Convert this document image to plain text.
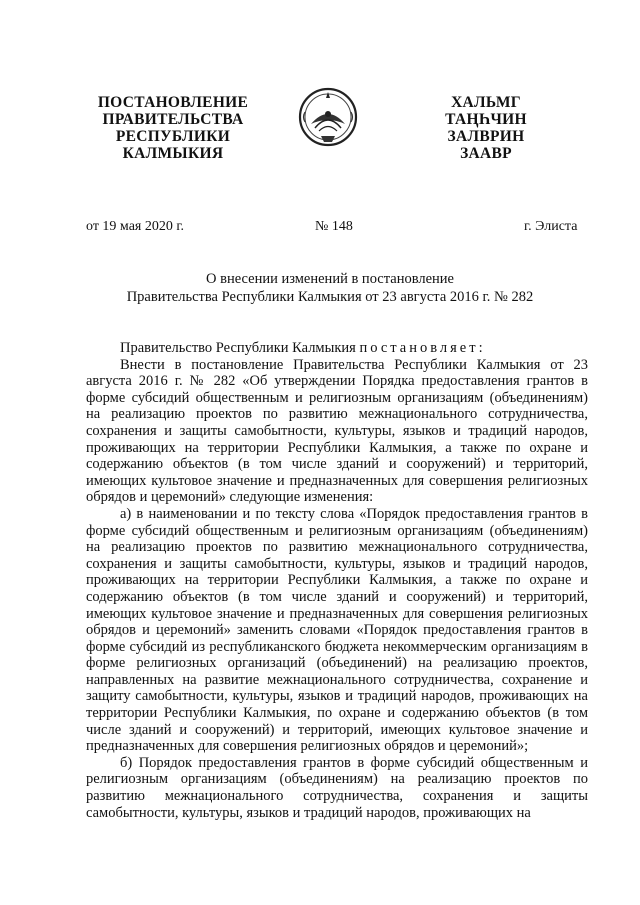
ПОСТАНОВЛЕНИЕ
ПРАВИТЕЛЬСТВА
РЕСПУБЛИКИ
КАЛМЫКИЯ
ХАЛЬМГ
ТАҢҺЧИН
ЗАЛВРИН
ЗААВР
от 19 мая 2020 г.	№ 148	г. Элиста
О внесении изменений в постановление
Правительства Республики Калмыкия от 23 августа 2016 г. № 282

Правительство Республики Калмыкия постановляет:

Внести в постановление Правительства Республики Калмыкия от 23 августа 2016 г. № 282 «Об утверждении Порядка предоставления грантов в форме субсидий общественным и религиозным организациям (объединениям) на реализацию проектов по развитию межнационального сотрудничества, сохранения и защиты самобытности, культуры, языков и традиций народов, проживающих на территории Республики Калмыкия, а также по охране и содержанию объектов (в том числе зданий и сооружений) и территорий, имеющих культовое значение и предназначенных для совершения религиозных обрядов и церемоний» следующие изменения:

а) в наименовании и по тексту слова «Порядок предоставления грантов в форме субсидий общественным и религиозным организациям (объединениям) на реализацию проектов по развитию межнационального сотрудничества, сохранения и защиты самобытности, культуры, языков и традиций народов, проживающих на территории Республики Калмыкия, а также по охране и содержанию объектов (в том числе зданий и сооружений) и территорий, имеющих культовое значение и предназначенных для совершения религиозных обрядов и церемоний» заменить словами «Порядок предоставления грантов в форме субсидий из республиканского бюджета некоммерческим организациям в форме религиозных организаций (объединений) на реализацию проектов, направленных на развитие межнационального сотрудничества, сохранение и защиту самобытности, культуры, языков и традиций народов, проживающих на территории Республики Калмыкия, по охране и содержанию объектов (в том числе зданий и сооружений) и территорий, имеющих культовое значение и предназначенных для совершения религиозных обрядов и церемоний»;

б) Порядок предоставления грантов в форме субсидий общественным и религиозным организациям (объединениям) на реализацию проектов по развитию межнационального сотрудничества, сохранения и защиты самобытности, культуры, языков и традиций народов, проживающих на
